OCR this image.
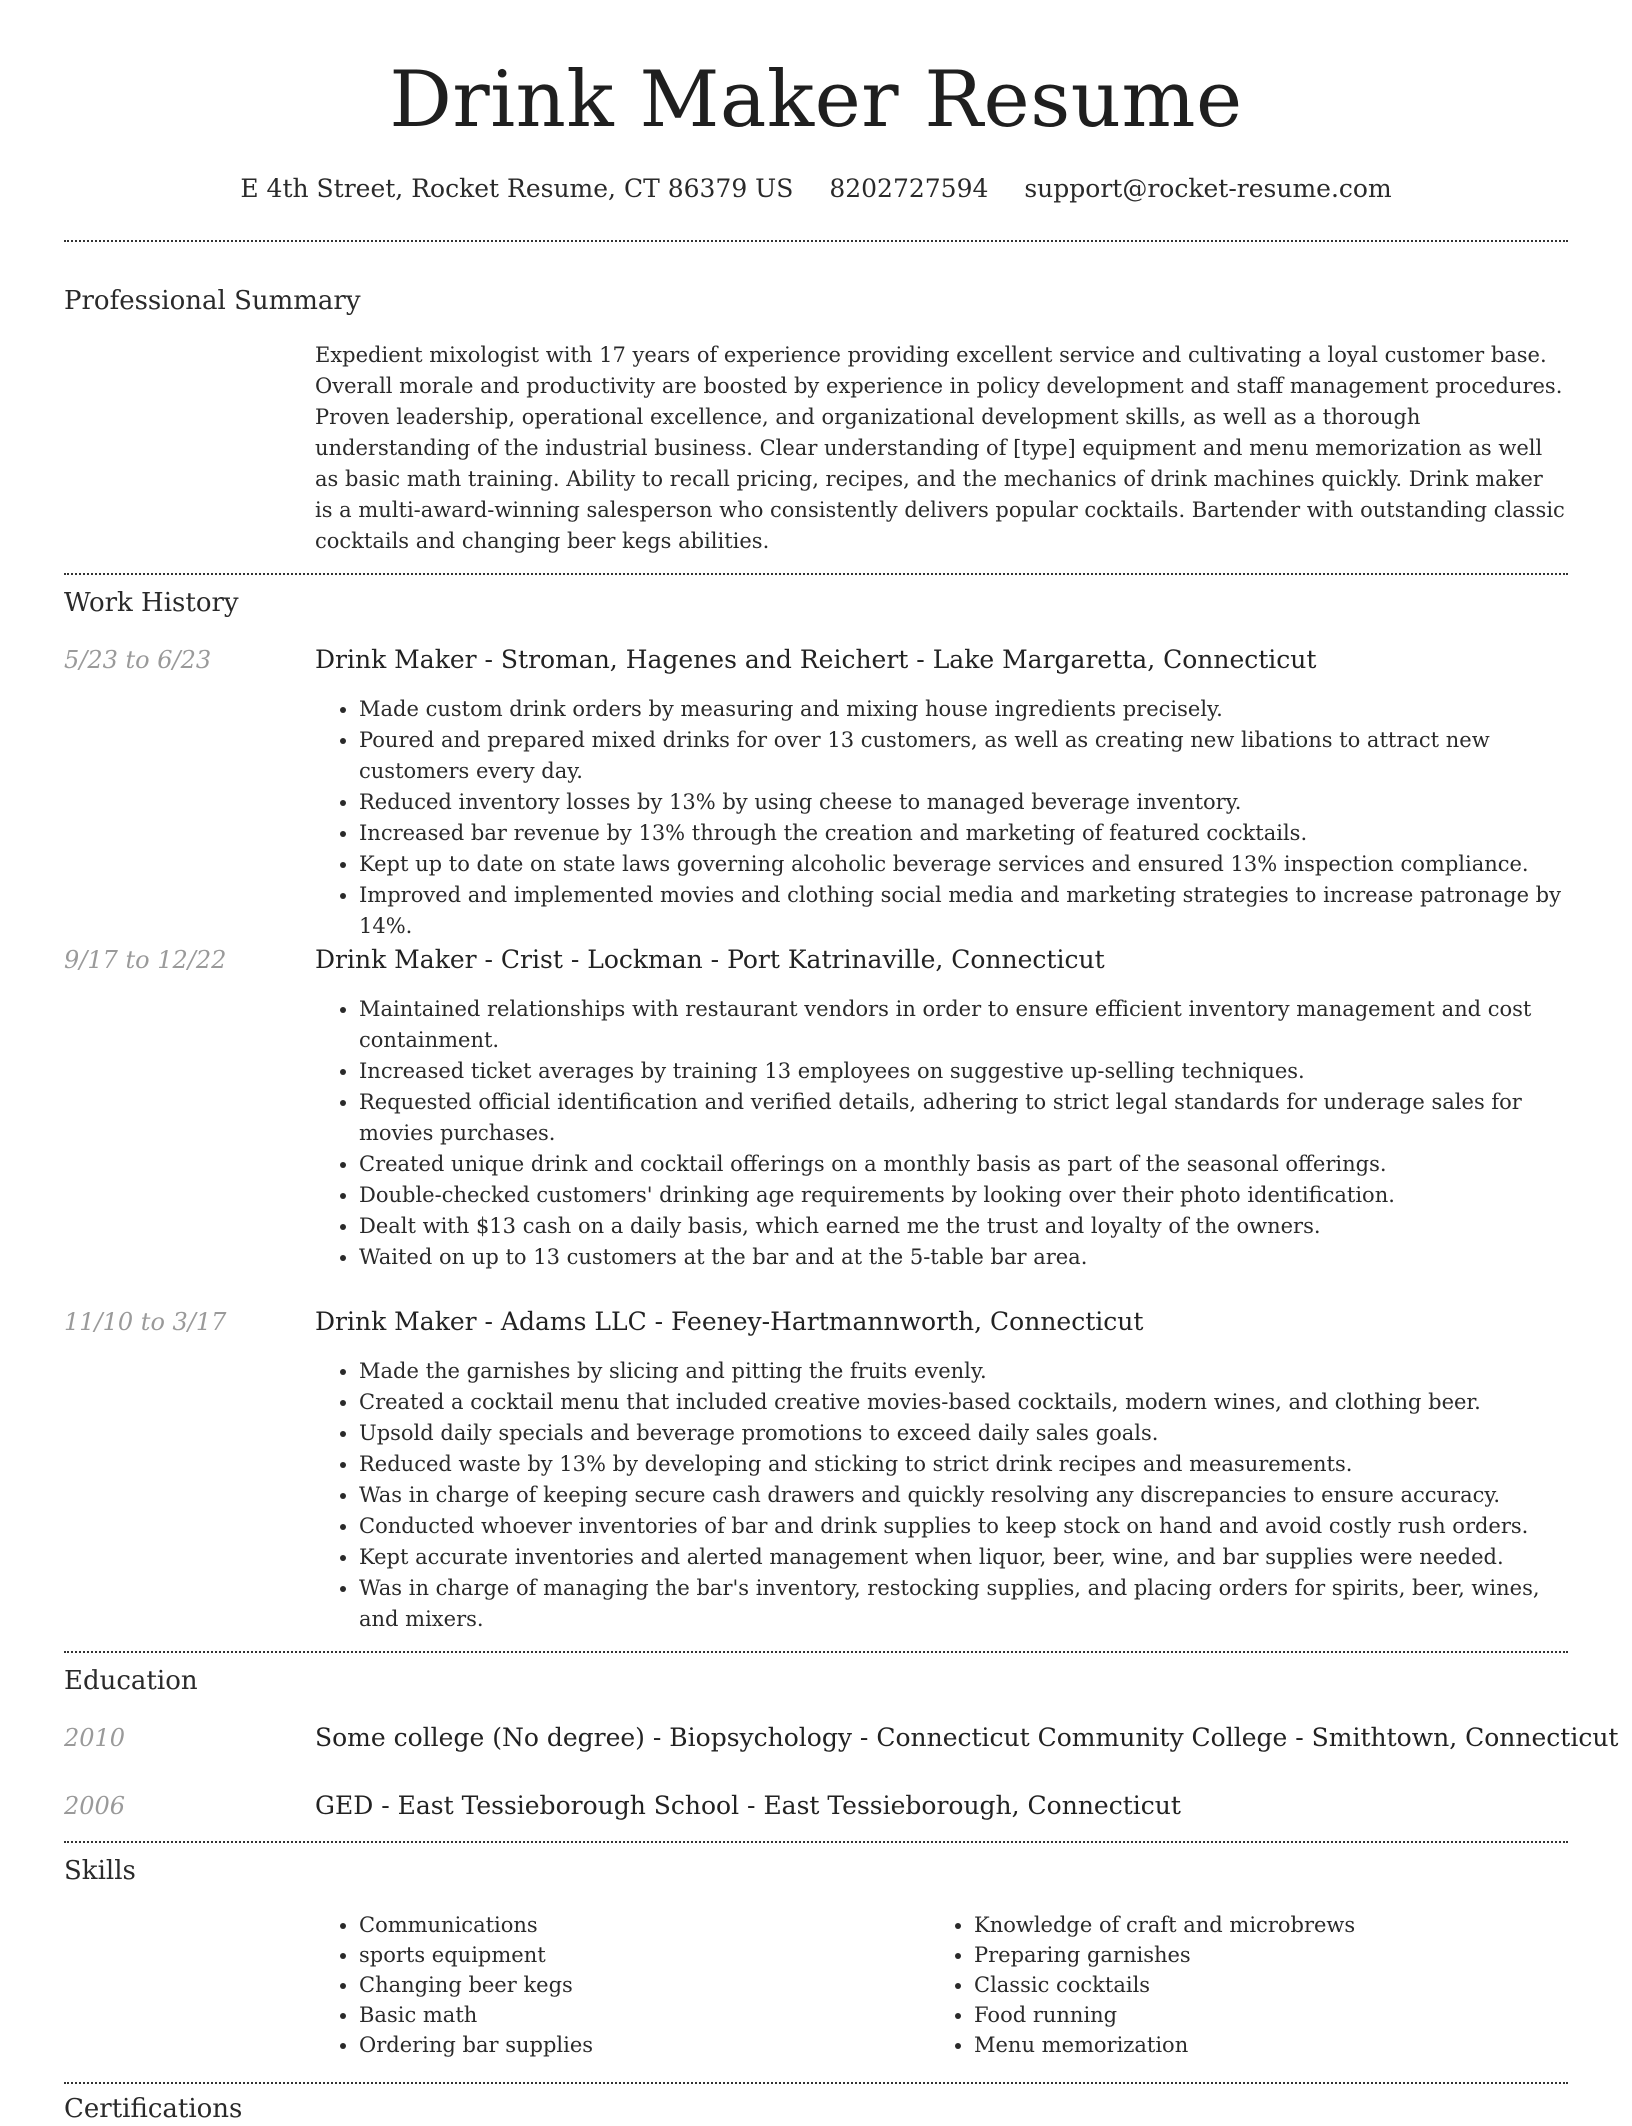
Drink Maker Resume
E 4th Street, Rocket Resume, CT 86379 US 8202727594 support@rocket-resume.com
Professional Summary

Expedient mixologist with 17 years of experience providing excellent service and cultivating a loyal customer base. Overall morale and productivity are boosted by experience in policy development and staff management procedures. Proven leadership, operational excellence, and organizational development skills, as well as a thorough understanding of the industrial business. Clear understanding of [type] equipment and menu memorization as well as basic math training. Ability to recall pricing, recipes, and the mechanics of drink machines quickly. Drink maker is a multi-award-winning salesperson who consistently delivers popular cocktails. Bartender with outstanding classic cocktails and changing beer kegs abilities.

Work History
5/23 to 6/23	Drink Maker - Stroman, Hagenes and Reichert - Lake Margaretta, Connecticut
• Made custom drink orders by measuring and mixing house ingredients precisely.
• Poured and prepared mixed drinks for over 13 customers, as well as creating new libations to attract new customers every day.
• Reduced inventory losses by 13% by using cheese to managed beverage inventory.
• Increased bar revenue by 13% through the creation and marketing of featured cocktails.
• Kept up to date on state laws governing alcoholic beverage services and ensured 13% inspection compliance.
• Improved and implemented movies and clothing social media and marketing strategies to increase patronage by 14%.
9/17 to 12/22	Drink Maker - Crist - Lockman - Port Katrinaville, Connecticut
• Maintained relationships with restaurant vendors in order to ensure efficient inventory management and cost containment.
• Increased ticket averages by training 13 employees on suggestive up-selling techniques.
• Requested official identification and verified details, adhering to strict legal standards for underage sales for movies purchases.
• Created unique drink and cocktail offerings on a monthly basis as part of the seasonal offerings.
• Double-checked customers' drinking age requirements by looking over their photo identification.
• Dealt with $13 cash on a daily basis, which earned me the trust and loyalty of the owners.
• Waited on up to 13 customers at the bar and at the 5-table bar area.
11/10 to 3/17	Drink Maker - Adams LLC - Feeney-Hartmannworth, Connecticut
• Made the garnishes by slicing and pitting the fruits evenly.
• Created a cocktail menu that included creative movies-based cocktails, modern wines, and clothing beer.
• Upsold daily specials and beverage promotions to exceed daily sales goals.
• Reduced waste by 13% by developing and sticking to strict drink recipes and measurements.
• Was in charge of keeping secure cash drawers and quickly resolving any discrepancies to ensure accuracy.
• Conducted whoever inventories of bar and drink supplies to keep stock on hand and avoid costly rush orders.
• Kept accurate inventories and alerted management when liquor, beer, wine, and bar supplies were needed.
• Was in charge of managing the bar's inventory, restocking supplies, and placing orders for spirits, beer, wines, and mixers.
Education
2010	Some college (No degree) - Biopsychology - Connecticut Community College - Smithtown, Connecticut
2006	GED - East Tessieborough School - East Tessieborough, Connecticut
Skills
• Communications
• sports equipment
• Changing beer kegs
• Basic math
• Ordering bar supplies
• Knowledge of craft and microbrews
• Preparing garnishes
• Classic cocktails
• Food running
• Menu memorization
Certifications
